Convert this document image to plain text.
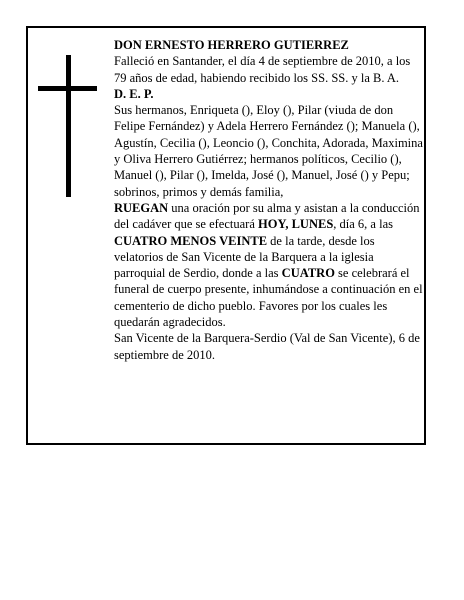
DON ERNESTO HERRERO GUTIERREZ

Falleció en Santander, el día 4 de septiembre de 2010, a los

79 años de edad, habiendo recibido los SS. SS. y la B. A.

D. E. P.

Sus hermanos, Enriqueta (), Eloy (), Pilar (viuda de don Felipe Fernández) y Adela Herrero Fernández (); Manuela (), Agustín, Cecilia (), Leoncio (), Conchita, Adorada, Maximina y Oliva Herrero Gutiérrez; hermanos políticos, Cecilio (), Manuel (), Pilar (), Imelda, José (), Manuel, José () y Pepu; sobrinos, primos y demás familia,

RUEGAN una oración por su alma y asistan a la conducción del cadáver que se efectuará HOY, LUNES, día 6, a las CUATRO MENOS VEINTE de la tarde, desde los velatorios de San Vicente de la Barquera a la iglesia parroquial de Serdio, donde a las CUATRO se celebrará el funeral de cuerpo presente, inhumándose a continuación en el cementerio de dicho pueblo. Favores por los cuales les quedarán agradecidos.

San Vicente de la Barquera-Serdio (Val de San Vicente), 6 de septiembre de 2010.
